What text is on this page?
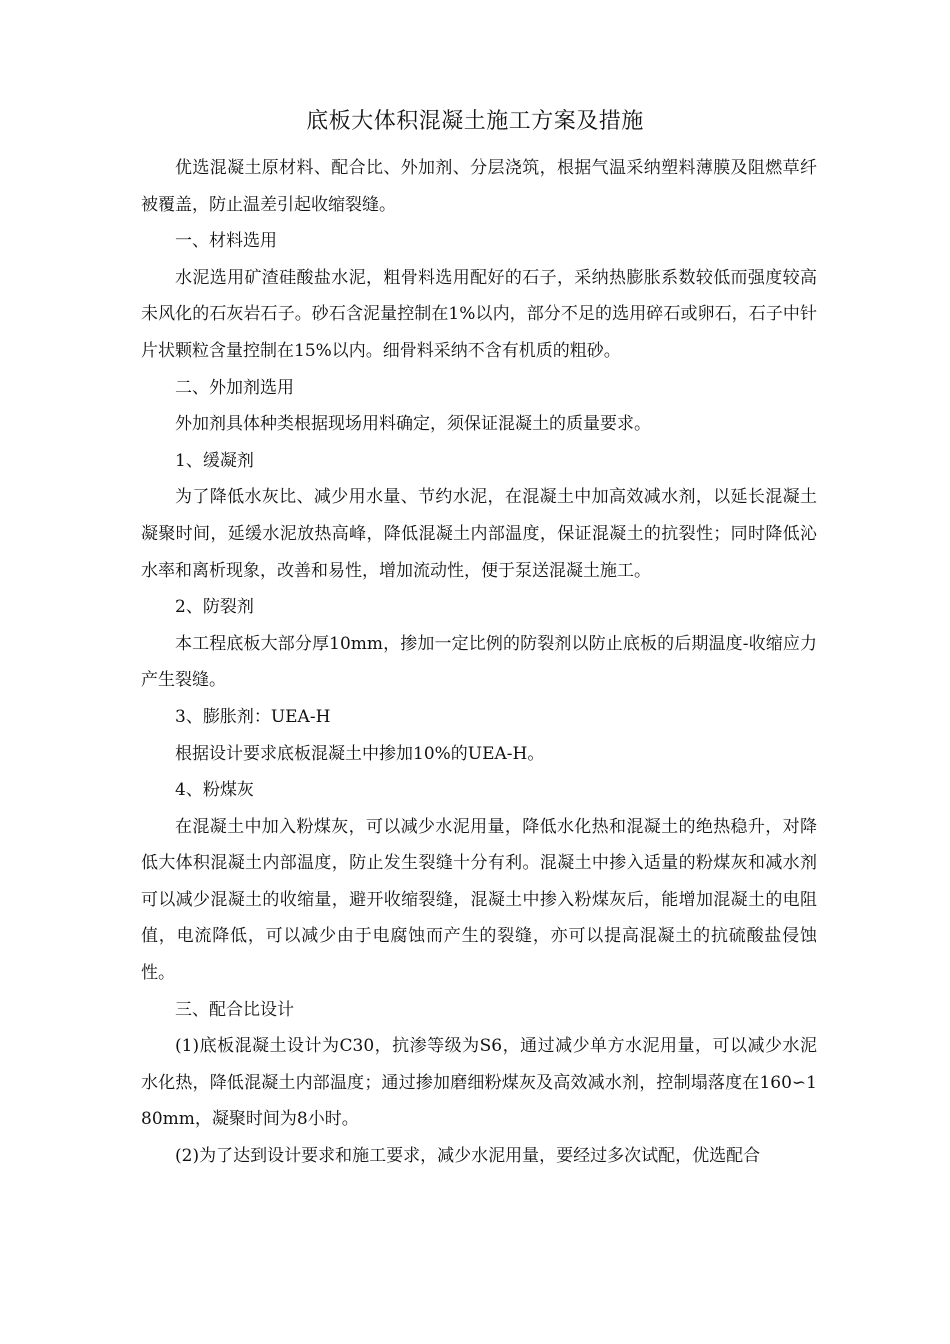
底板大体积混凝土施工方案及措施

优选混凝土原材料、配合比、外加剂、分层浇筑，根据气温采纳塑料薄膜及阻燃草纤被覆盖，防止温差引起收缩裂缝。

一、材料选用

水泥选用矿渣硅酸盐水泥，粗骨料选用配好的石子，采纳热膨胀系数较低而强度较高未风化的石灰岩石子。砂石含泥量控制在1%以内，部分不足的选用碎石或卵石，石子中针片状颗粒含量控制在15%以内。细骨料采纳不含有机质的粗砂。

二、外加剂选用

外加剂具体种类根据现场用料确定，须保证混凝土的质量要求。

1、缓凝剂

为了降低水灰比、减少用水量、节约水泥，在混凝土中加高效减水剂，以延长混凝土凝聚时间，延缓水泥放热高峰，降低混凝土内部温度，保证混凝土的抗裂性；同时降低沁水率和离析现象，改善和易性，增加流动性，便于泵送混凝土施工。

2、防裂剂

本工程底板大部分厚10mm，掺加一定比例的防裂剂以防止底板的后期温度-收缩应力产生裂缝。

3、膨胀剂：UEA-H

根据设计要求底板混凝土中掺加10%的UEA-H。

4、粉煤灰

在混凝土中加入粉煤灰，可以减少水泥用量，降低水化热和混凝土的绝热稳升，对降低大体积混凝土内部温度，防止发生裂缝十分有利。混凝土中掺入适量的粉煤灰和减水剂可以减少混凝土的收缩量，避开收缩裂缝，混凝土中掺入粉煤灰后，能增加混凝土的电阻值，电流降低，可以减少由于电腐蚀而产生的裂缝，亦可以提高混凝土的抗硫酸盐侵蚀性。

三、配合比设计

(1)底板混凝土设计为C30，抗渗等级为S6，通过减少单方水泥用量，可以减少水泥水化热，降低混凝土内部温度；通过掺加磨细粉煤灰及高效减水剂，控制塌落度在160∽180mm，凝聚时间为8小时。

(2)为了达到设计要求和施工要求，减少水泥用量，要经过多次试配，优选配合
